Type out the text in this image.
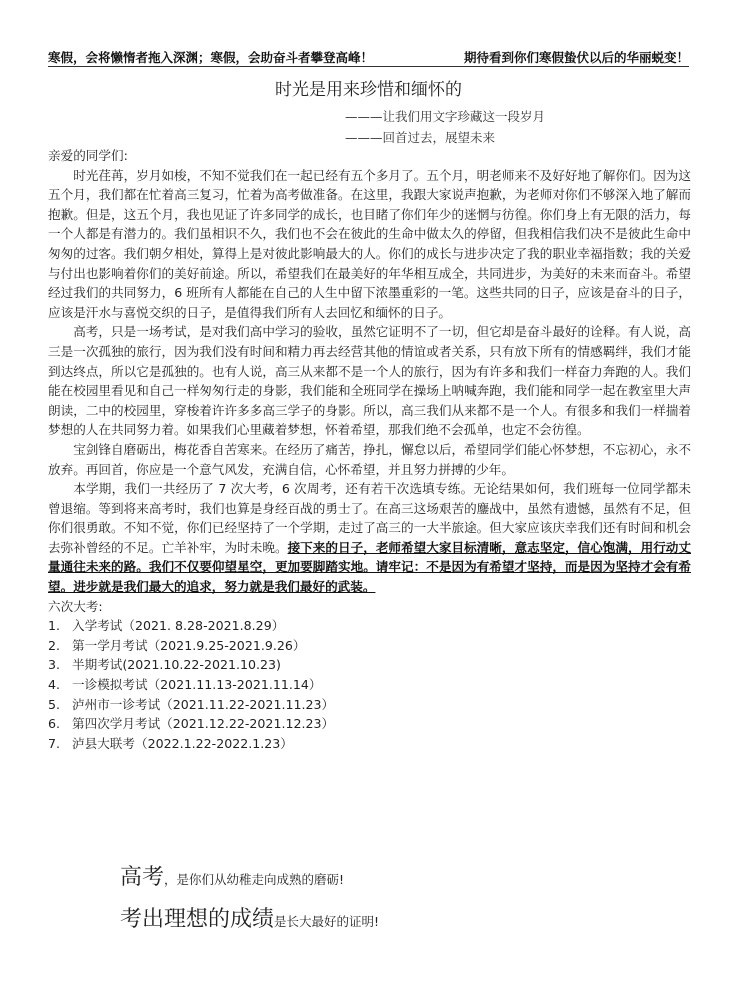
寒假，会将懒惰者拖入深渊；寒假，会助奋斗者攀登高峰！	期待看到你们寒假蛰伏以后的华丽蜕变！
时光是用来珍惜和缅怀的
———让我们用文字珍藏这一段岁月
———回首过去，展望未来

亲爱的同学们:

时光荏苒，岁月如梭，不知不觉我们在一起已经有五个多月了。五个月，明老师来不及好好地了解你们。因为这五个月，我们都在忙着高三复习，忙着为高考做准备。在这里，我跟大家说声抱歉，为老师对你们不够深入地了解而抱歉。但是，这五个月，我也见证了许多同学的成长，也目睹了你们年少的迷惘与彷徨。你们身上有无限的活力，每一个人都是有潜力的。我们虽相识不久，我们也不会在彼此的生命中做太久的停留，但我相信我们决不是彼此生命中匆匆的过客。我们朝夕相处，算得上是对彼此影响最大的人。你们的成长与进步决定了我的职业幸福指数；我的关爱与付出也影响着你们的美好前途。所以，希望我们在最美好的年华相互成全，共同进步，为美好的未来而奋斗。希望经过我们的共同努力，6 班所有人都能在自己的人生中留下浓墨重彩的一笔。这些共同的日子，应该是奋斗的日子，应该是汗水与喜悦交织的日子，是值得我们所有人去回忆和缅怀的日子。

高考，只是一场考试，是对我们高中学习的验收，虽然它证明不了一切，但它却是奋斗最好的诠释。有人说，高三是一次孤独的旅行，因为我们没有时间和精力再去经营其他的情谊或者关系，只有放下所有的情感羁绊，我们才能到达终点，所以它是孤独的。也有人说，高三从来都不是一个人的旅行，因为有许多和我们一样奋力奔跑的人。我们能在校园里看见和自己一样匆匆行走的身影，我们能和全班同学在操场上呐喊奔跑，我们能和同学一起在教室里大声朗读，二中的校园里，穿梭着许许多多高三学子的身影。所以，高三我们从来都不是一个人。有很多和我们一样揣着梦想的人在共同努力着。如果我们心里藏着梦想，怀着希望，那我们绝不会孤单，也定不会彷徨。

宝剑锋自磨砺出，梅花香自苦寒来。在经历了痛苦，挣扎，懈怠以后，希望同学们能心怀梦想，不忘初心，永不放弃。再回首，你应是一个意气风发，充满自信，心怀希望，并且努力拼搏的少年。

本学期，我们一共经历了 7 次大考，6 次周考，还有若干次选填专练。无论结果如何，我们班每一位同学都未曾退缩。等到将来高考时，我们也算是身经百战的勇士了。在高三这场艰苦的鏖战中，虽然有遗憾，虽然有不足，但你们很勇敢。不知不觉，你们已经坚持了一个学期，走过了高三的一大半旅途。但大家应该庆幸我们还有时间和机会去弥补曾经的不足。亡羊补牢，为时未晚。接下来的日子，老师希望大家目标清晰，意志坚定，信心饱满，用行动丈量通往未来的路。我们不仅要仰望星空，更加要脚踏实地。请牢记：不是因为有希望才坚持，而是因为坚持才会有希望。进步就是我们最大的追求，努力就是我们最好的武装。

六次大考:

1. 入学考试（2021. 8.28-2021.8.29）
2. 第一学月考试（2021.9.25-2021.9.26）
3. 半期考试(2021.10.22-2021.10.23)
4. 一诊模拟考试（2021.11.13-2021.11.14）
5. 泸州市一诊考试（2021.11.22-2021.11.23）
6. 第四次学月考试（2021.12.22-2021.12.23）
7. 泸县大联考（2022.1.22-2022.1.23）
高考，是你们从幼稚走向成熟的磨砺!
考出理想的成绩是长大最好的证明!
